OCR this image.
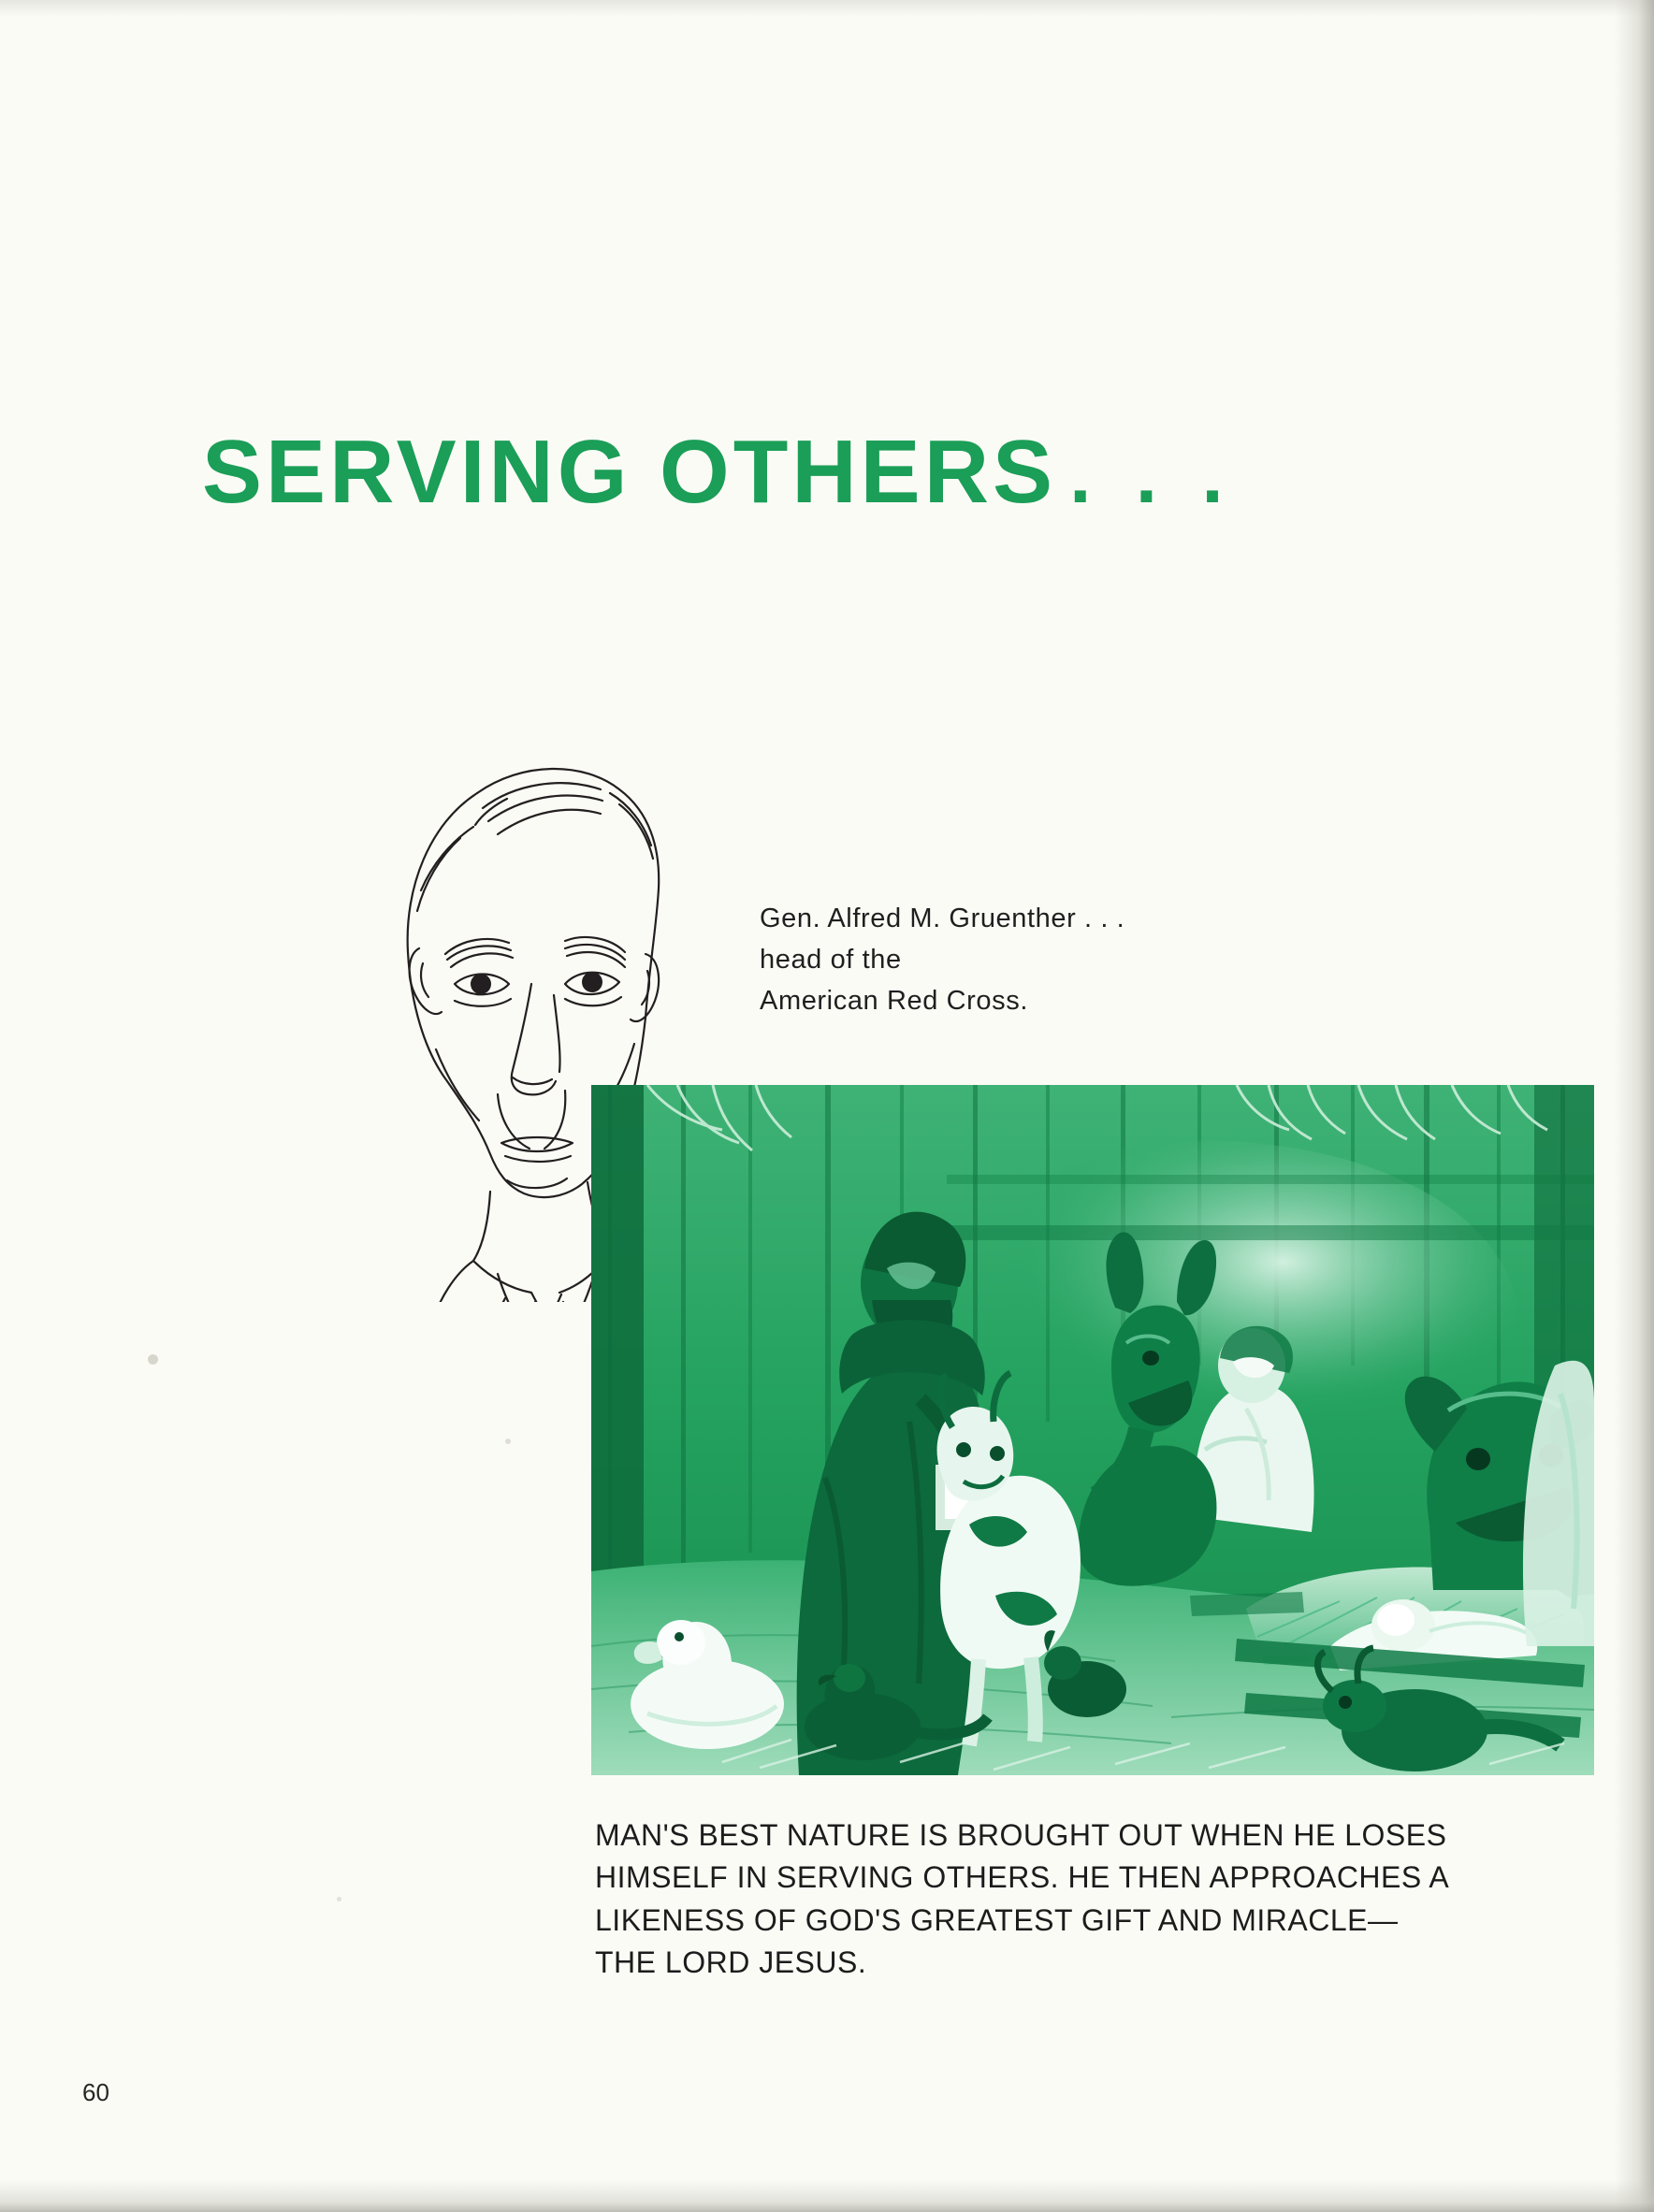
SERVING OTHERS . . .
Gen. Alfred M. Gruenther . . .
head of the
American Red Cross.
MAN'S BEST NATURE IS BROUGHT OUT WHEN HE LOSES
HIMSELF IN SERVING OTHERS. HE THEN APPROACHES A
LIKENESS OF GOD'S GREATEST GIFT AND MIRACLE—
THE LORD JESUS.
60
